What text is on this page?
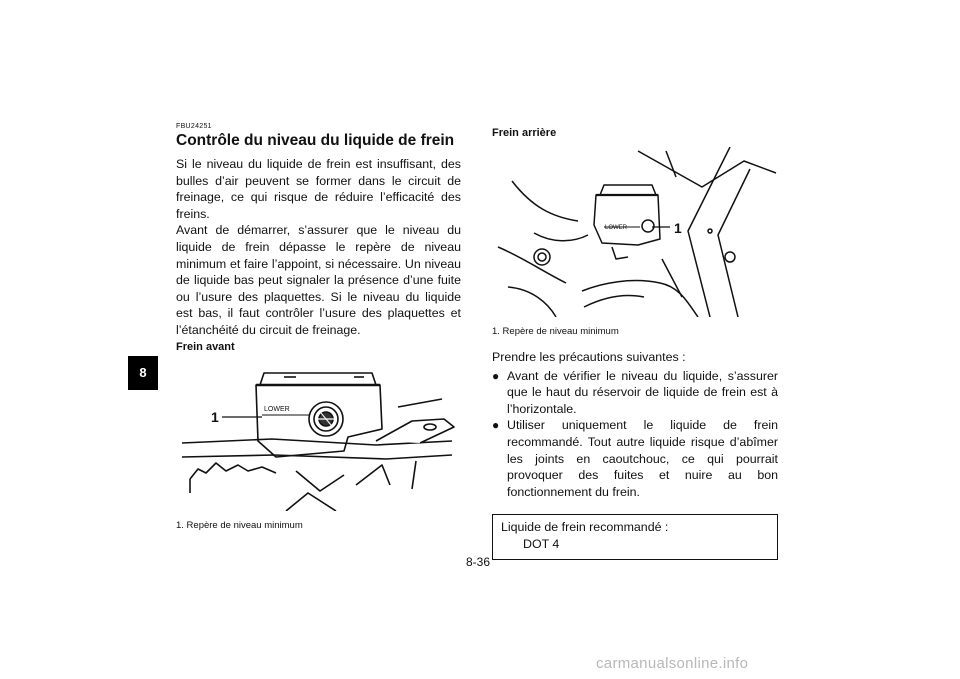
8
8-36
FBU24251
Contrôle du niveau du liquide de frein

Si le niveau du liquide de frein est insuffisant, des bulles d’air peuvent se former dans le circuit de freinage, ce qui risque de réduire l’efficacité des freins.

Avant de démarrer, s’assurer que le niveau du liquide de frein dépasse le repère de niveau minimum et faire l’appoint, si nécessaire. Un niveau de liquide bas peut signaler la présence d’une fuite ou l’usure des plaquettes. Si le niveau du liquide est bas, il faut contrôler l’usure des plaquettes et l’étanchéité du circuit de freinage.

Frein avant
1	LOWER
1. Repère de niveau minimum
Frein arrière
LOWER	1
1. Repère de niveau minimum

Prendre les précautions suivantes :

● Avant de vérifier le niveau du liquide, s’assurer que le haut du réservoir de liquide de frein est à l’horizontale.
● Utiliser uniquement le liquide de frein recommandé. Tout autre liquide risque d’abîmer les joints en caoutchouc, ce qui pourrait provoquer des fuites et nuire au bon fonctionnement du frein.
Liquide de frein recommandé :
DOT 4
carmanualsonline.info
